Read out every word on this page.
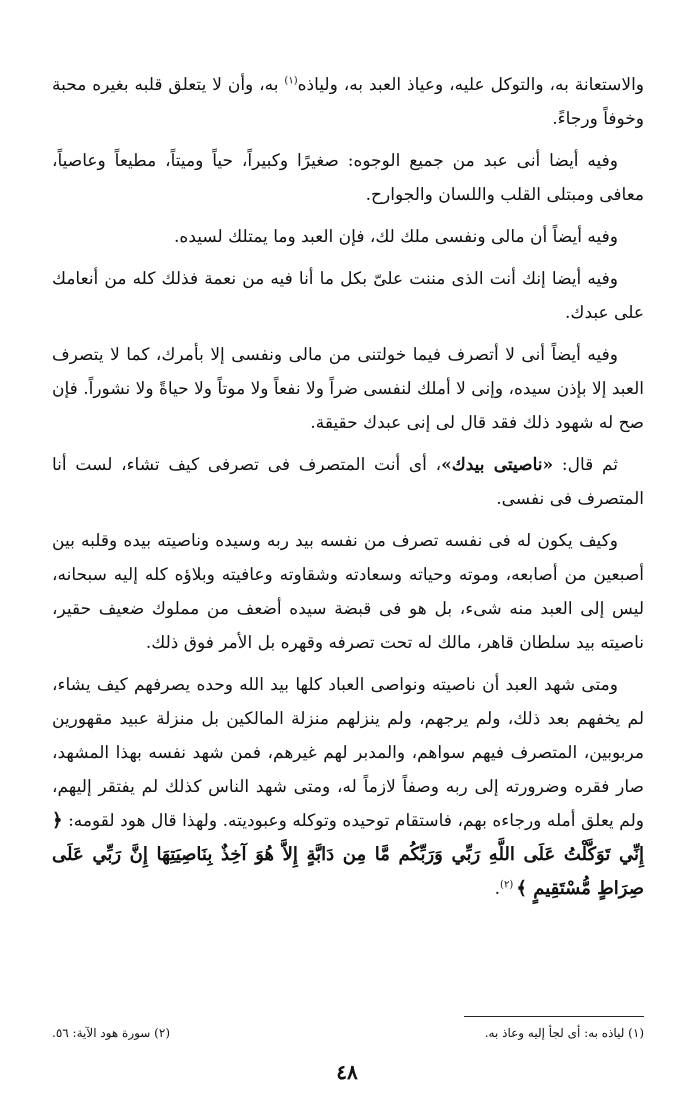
والاستعانة به، والتوكل عليه، وعياذ العبد به، ولياذه$^{(١)}$ به، وأن لا يتعلق قلبه بغيره محبة وخوفاً ورجاءً.

وفيه أيضا أنى عبد من جميع الوجوه: صغيرًا وكبيراً، حياً وميتاً، مطيعاً وعاصياً، معافى ومبتلى القلب واللسان والجوارح.

وفيه أيضاً أن مالى ونفسى ملك لك، فإن العبد وما يمتلك لسيده.

وفيه أيضا إنك أنت الذى مننت علىّ بكل ما أنا فيه من نعمة فذلك كله من أنعامك على عبدك.

وفيه أيضاً أنى لا أتصرف فيما خولتنى من مالى ونفسى إلا بأمرك، كما لا يتصرف العبد إلا بإذن سيده، وإنى لا أملك لنفسى ضراً ولا نفعاً ولا موتاً ولا حياةً ولا نشوراً. فإن صح له شهود ذلك فقد قال لى إنى عبدك حقيقة.

ثم قال: «ناصيتى بيدك»، أى أنت المتصرف فى تصرفى كيف تشاء، لست أنا المتصرف فى نفسى.

وكيف يكون له فى نفسه تصرف من نفسه بيد ربه وسيده وناصيته بيده وقلبه بين أصبعين من أصابعه، وموته وحياته وسعادته وشقاوته وعافيته وبلاؤه كله إليه سبحانه، ليس إلى العبد منه شىء، بل هو فى قبضة سيده أضعف من مملوك ضعيف حقير، ناصيته بيد سلطان قاهر، مالك له تحت تصرفه وقهره بل الأمر فوق ذلك.

ومتى شهد العبد أن ناصيته ونواصى العباد كلها بيد الله وحده يصرفهم كيف يشاء، لم يخفهم بعد ذلك، ولم يرجهم، ولم ينزلهم منزلة المالكين بل منزلة عبيد مقهورين مربوبين، المتصرف فيهم سواهم، والمدبر لهم غيرهم، فمن شهد نفسه بهذا المشهد، صار فقره وضرورته إلى ربه وصفاً لازماً له، ومتى شهد الناس كذلك لم يفتقر إليهم، ولم يعلق أمله ورجاءه بهم، فاستقام توحيده وتوكله وعبوديته. ولهذا قال هود لقومه: ﴿ إِنِّي تَوَكَّلْتُ عَلَى اللَّهِ رَبِّي وَرَبِّكُم مَّا مِن دَابَّةٍ إِلاَّ هُوَ آخِذٌ بِنَاصِيَتِهَا إِنَّ رَبِّي عَلَى صِرَاطٍ مُّسْتَقِيمٍ ﴾ $^{(٢)}$.

(١) لياذه به: أى لجأ إليه وعاذ به.
(٢) سورة هود الآية: ٥٦.
٤٨
